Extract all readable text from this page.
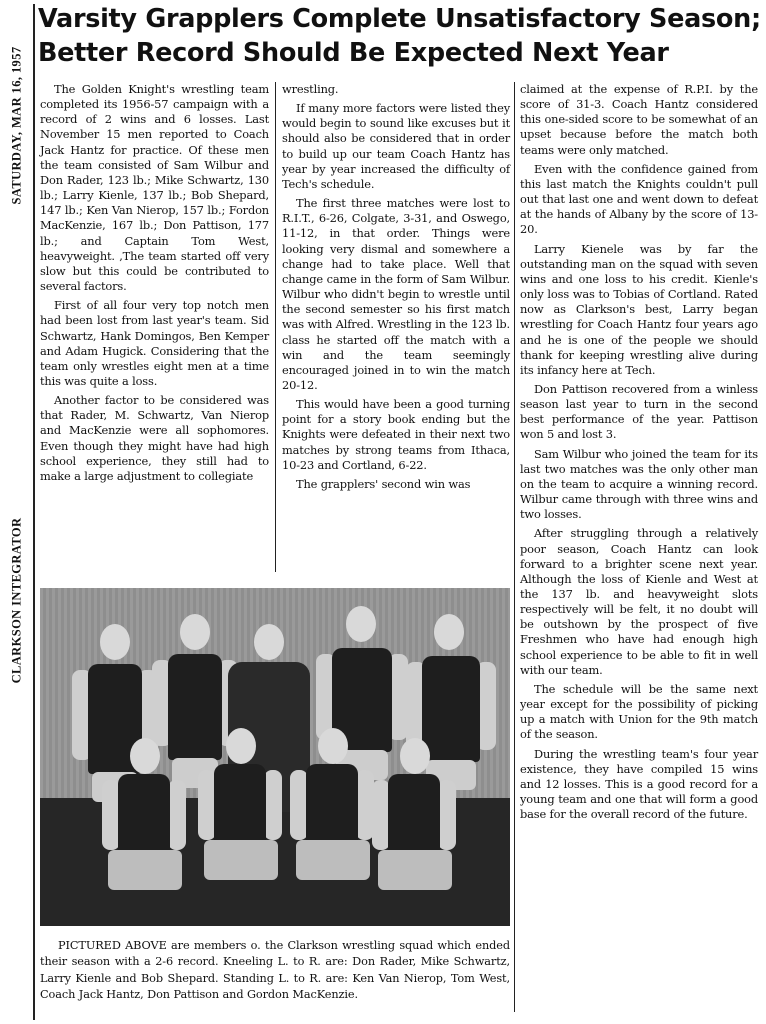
SATURDAY, MAR 16, 1957
CLARKSON INTEGRATOR
Varsity Grapplers Complete Unsatisfactory Season;
Better Record Should Be Expected Next Year

The Golden Knight's wrestling team completed its 1956-57 campaign with a record of 2 wins and 6 losses. Last November 15 men reported to Coach Jack Hantz for practice. Of these men the team consisted of Sam Wilbur and Don Rader, 123 lb.; Mike Schwartz, 130 lb.; Larry Kienle, 137 lb.; Bob Shepard, 147 lb.; Ken Van Nierop, 157 lb.; Fordon MacKenzie, 167 lb.; Don Pattison, 177 lb.; and Captain Tom West, heavyweight. ,The team started off very slow but this could be contributed to several factors.

First of all four very top notch men had been lost from last year's team. Sid Schwartz, Hank Domingos, Ben Kemper and Adam Hugick. Considering that the team only wrestles eight men at a time this was quite a loss.

Another factor to be considered was that Rader, M. Schwartz, Van Nierop and MacKenzie were all sophomores. Even though they might have had high school experience, they still had to make a large adjustment to collegiate

wrestling.

If many more factors were listed they would begin to sound like excuses but it should also be considered that in order to build up our team Coach Hantz has year by year increased the difficulty of Tech's schedule.

The first three matches were lost to R.I.T., 6-26, Colgate, 3-31, and Oswego, 11-12, in that order. Things were looking very dismal and somewhere a change had to take place. Well that change came in the form of Sam Wilbur. Wilbur who didn't begin to wrestle until the second semester so his first match was with Alfred. Wrestling in the 123 lb. class he started off the match with a win and the team seemingly encouraged joined in to win the match 20-12.

This would have been a good turning point for a story book ending but the Knights were defeated in their next two matches by strong teams from Ithaca, 10-23 and Cortland, 6-22.

The grapplers' second win was

claimed at the expense of R.P.I. by the score of 31-3. Coach Hantz considered this one-sided score to be somewhat of an upset because before the match both teams were only matched.

Even with the confidence gained from this last match the Knights couldn't pull out that last one and went down to defeat at the hands of Albany by the score of 13-20.

Larry Kienele was by far the outstanding man on the squad with seven wins and one loss to his credit. Kienle's only loss was to Tobias of Cortland. Rated now as Clarkson's best, Larry began wrestling for Coach Hantz four years ago and he is one of the people we should thank for keeping wrestling alive during its infancy here at Tech.

Don Pattison recovered from a winless season last year to turn in the second best performance of the year. Pattison won 5 and lost 3.

Sam Wilbur who joined the team for its last two matches was the only other man on the team to acquire a winning record. Wilbur came through with three wins and two losses.

After struggling through a relatively poor season, Coach Hantz can look forward to a brighter scene next year. Although the loss of Kienle and West at the 137 lb. and heavyweight slots respectively will be felt, it no doubt will be outshown by the prospect of five Freshmen who have had enough high school experience to be able to fit in well with our team.

The schedule will be the same next year except for the possibility of picking up a match with Union for the 9th match of the season.

During the wrestling team's four year existence, they have compiled 15 wins and 12 losses. This is a good record for a young team and one that will form a good base for the overall record of the future.

PICTURED ABOVE are members o. the Clarkson wrestling squad which ended their season with a 2-6 record. Kneeling L. to R. are: Don Rader, Mike Schwartz, Larry Kienle and Bob Shepard. Standing L. to R. are: Ken Van Nierop, Tom West, Coach Jack Hantz, Don Pattison and Gordon MacKenzie.
